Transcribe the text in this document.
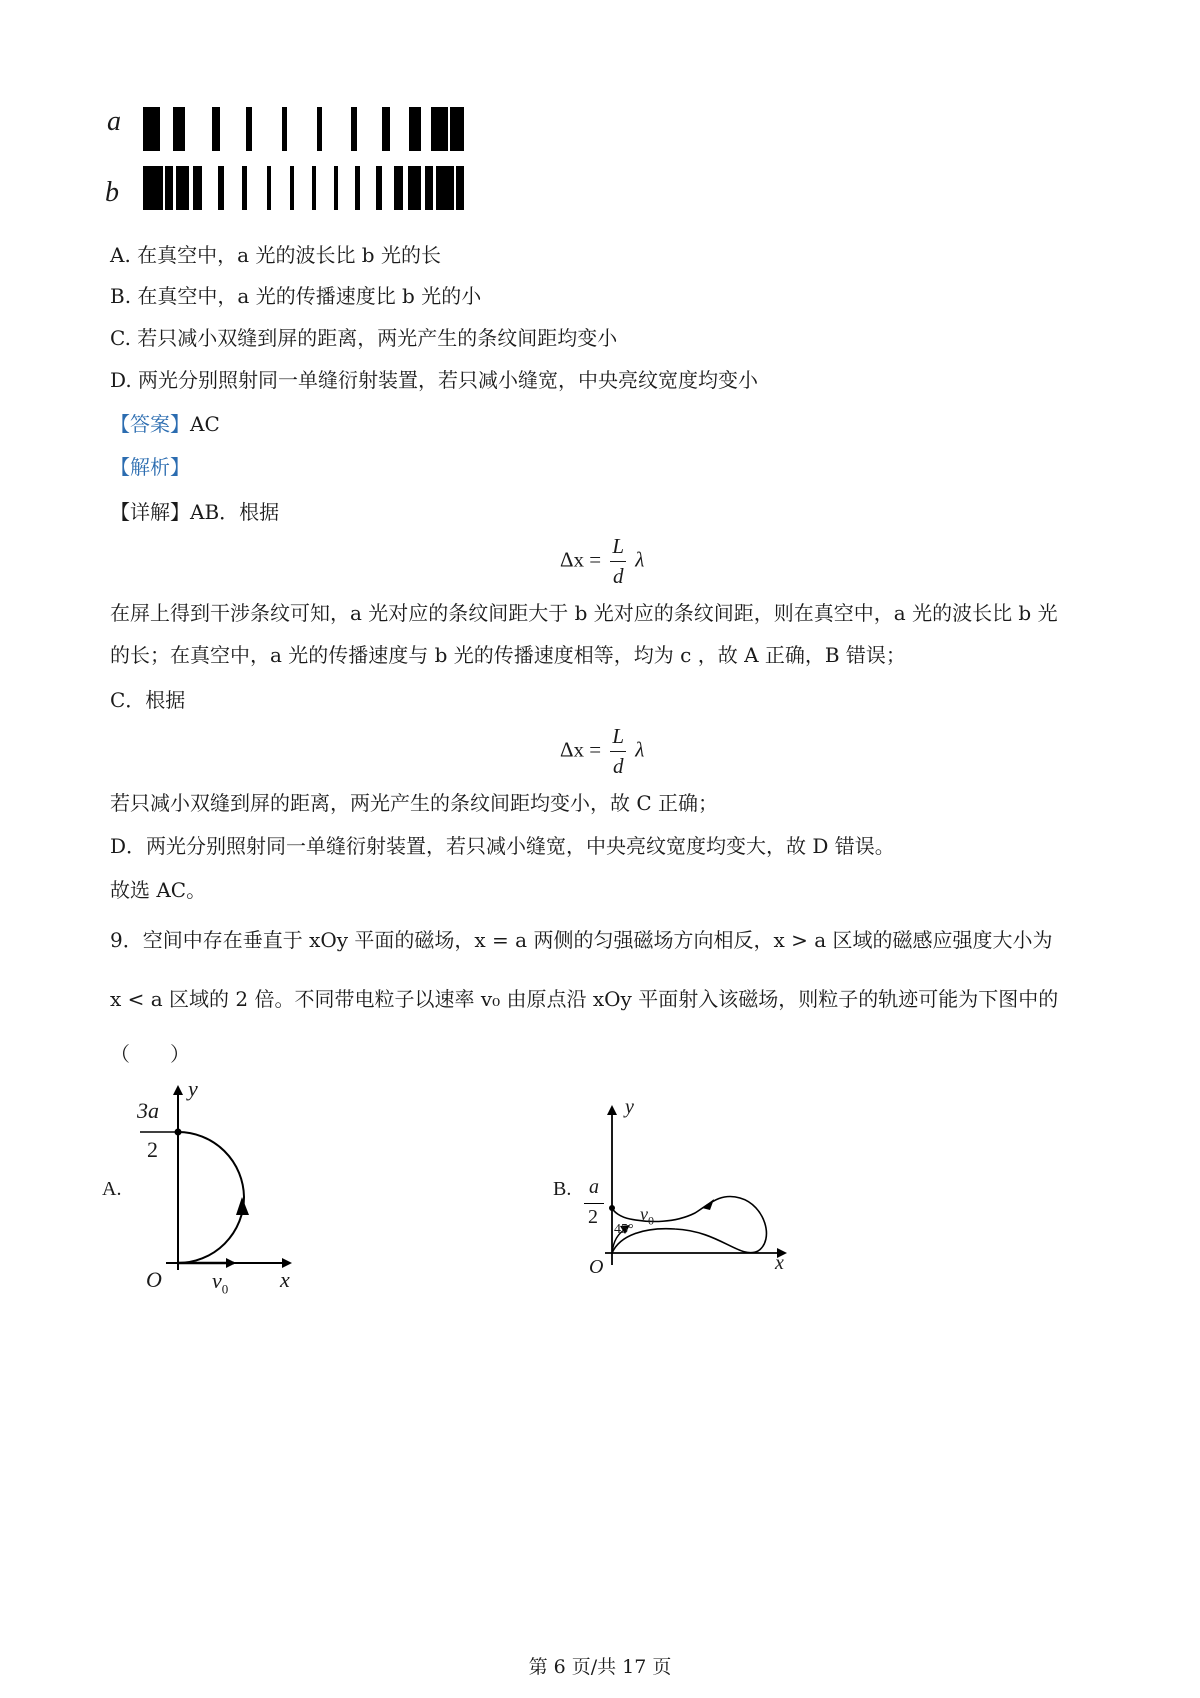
a
b
A. 在真空中，a 光的波长比 b 光的长
B. 在真空中，a 光的传播速度比 b 光的小
C. 若只减小双缝到屏的距离，两光产生的条纹间距均变小
D. 两光分别照射同一单缝衍射装置，若只减小缝宽，中央亮纹宽度均变小
【答案】AC
【解析】
【详解】AB．根据
$\Delta x = \frac{L}{d}$ λ
在屏上得到干涉条纹可知，a 光对应的条纹间距大于 b 光对应的条纹间距，则在真空中，a 光的波长比 b 光
的长；在真空中，a 光的传播速度与 b 光的传播速度相等，均为 c ，故 A 正确，B 错误；
C．根据
$\Delta x = \frac{L}{d}$ λ
若只减小双缝到屏的距离，两光产生的条纹间距均变小，故 C 正确；
D．两光分别照射同一单缝衍射装置，若只减小缝宽，中央亮纹宽度均变大，故 D 错误。
故选 AC。
9．空间中存在垂直于 xOy 平面的磁场，x = a 两侧的匀强磁场方向相反，x > a 区域的磁感应强度大小为
x < a 区域的 2 倍。不同带电粒子以速率 v₀ 由原点沿 xOy 平面射入该磁场，则粒子的轨迹可能为下图中的
（　　）
A.
y
3a
2
O $v_0$ x
B.
y
a
2 $v_0$
45°
O	x
第 6 页/共 17 页
